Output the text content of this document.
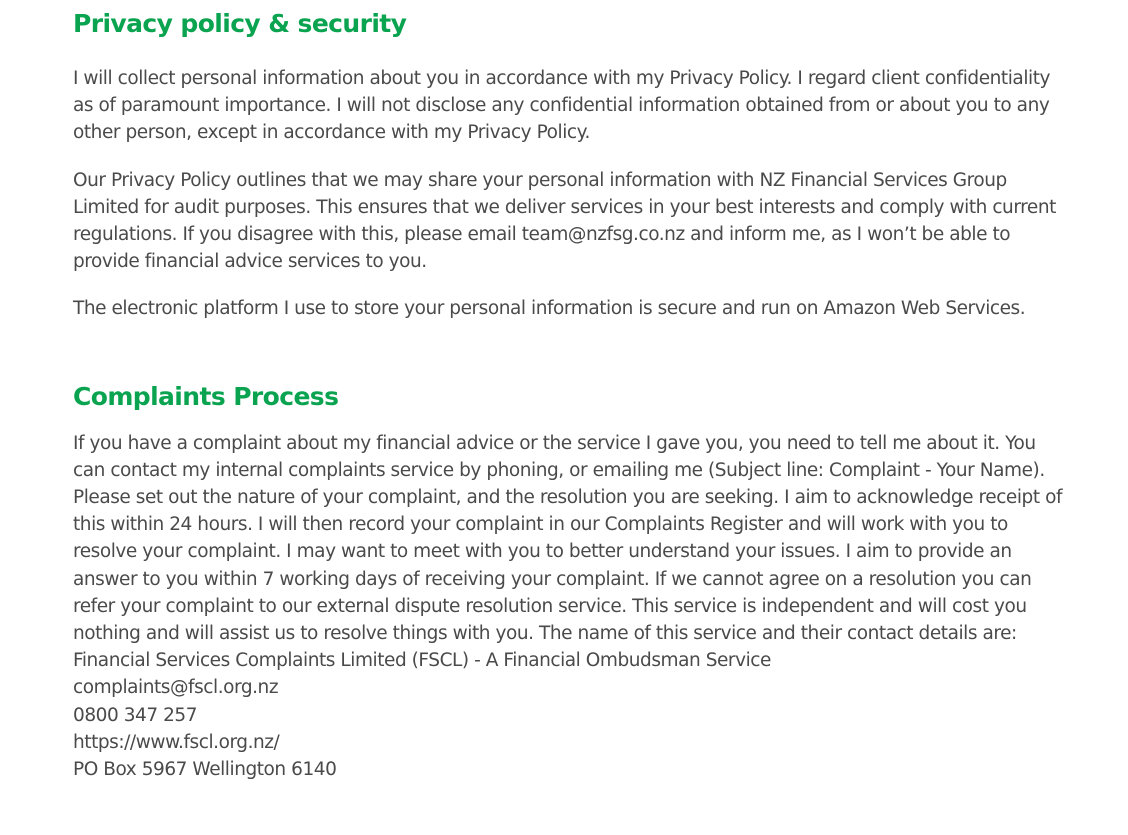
Privacy policy & security

I will collect personal information about you in accordance with my Privacy Policy. I regard client confidentiality as of paramount importance. I will not disclose any confidential information obtained from or about you to any other person, except in accordance with my Privacy Policy.

Our Privacy Policy outlines that we may share your personal information with NZ Financial Services Group Limited for audit purposes. This ensures that we deliver services in your best interests and comply with current regulations. If you disagree with this, please email team@nzfsg.co.nz and inform me, as I won’t be able to provide financial advice services to you.

The electronic platform I use to store your personal information is secure and run on Amazon Web Services.

Complaints Process

If you have a complaint about my financial advice or the service I gave you, you need to tell me about it. You can contact my internal complaints service by phoning, or emailing me (Subject line: Complaint - Your Name). Please set out the nature of your complaint, and the resolution you are seeking. I aim to acknowledge receipt of this within 24 hours. I will then record your complaint in our Complaints Register and will work with you to resolve your complaint. I may want to meet with you to better understand your issues. I aim to provide an answer to you within 7 working days of receiving your complaint. If we cannot agree on a resolution you can refer your complaint to our external dispute resolution service. This service is independent and will cost you nothing and will assist us to resolve things with you. The name of this service and their contact details are:
Financial Services Complaints Limited (FSCL) - A Financial Ombudsman Service
complaints@fscl.org.nz
0800 347 257
https://www.fscl.org.nz/
PO Box 5967 Wellington 6140
